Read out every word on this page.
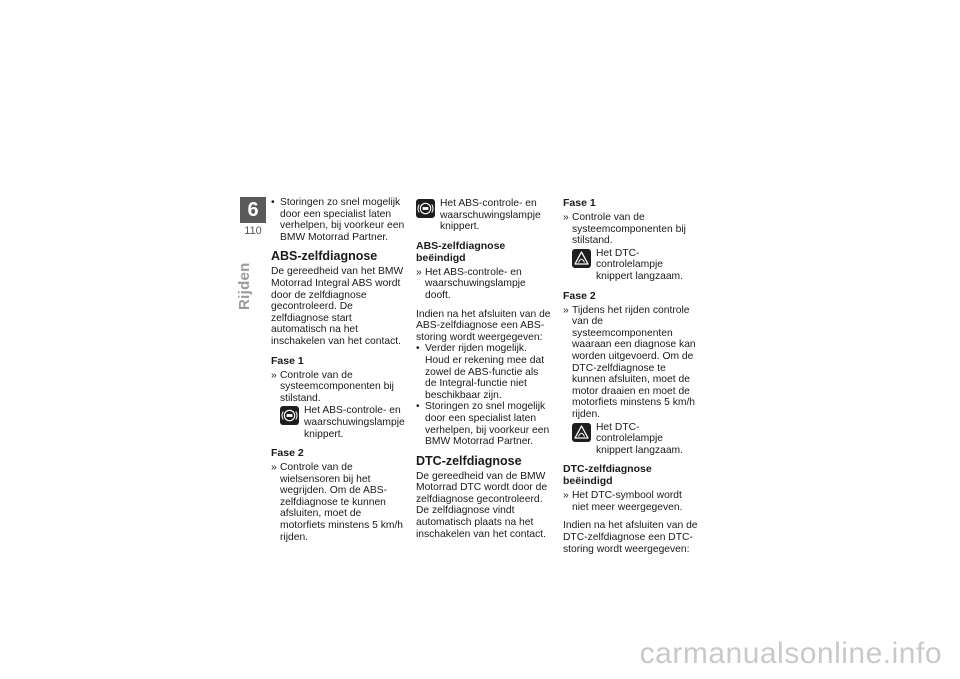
6
110
Rijden
• Storingen zo snel mogelijk door een specialist laten verhelpen, bij voorkeur een BMW Motorrad Partner.
ABS-zelfdiagnose

De gereedheid van het BMW Motorrad Integral ABS wordt door de zelfdiagnose gecontroleerd. De zelfdiagnose start automatisch na het inschakelen van het contact.

Fase 1
» Controle van de systeemcomponenten bij stilstand.
Het ABS-controle- en waarschuwingslampje knippert.
Fase 2
» Controle van de wielsensoren bij het wegrijden. Om de ABS-zelfdiagnose te kunnen afsluiten, moet de motorfiets minstens 5 km/h rijden.
Het ABS-controle- en waarschuwingslampje knippert.
ABS-zelfdiagnose beëindigd
» Het ABS-controle- en waarschuwingslampje dooft.

Indien na het afsluiten van de ABS-zelfdiagnose een ABS-storing wordt weergegeven:

• Verder rijden mogelijk. Houd er rekening mee dat zowel de ABS-functie als de Integral-functie niet beschikbaar zijn.
• Storingen zo snel mogelijk door een specialist laten verhelpen, bij voorkeur een BMW Motorrad Partner.
DTC-zelfdiagnose

De gereedheid van de BMW Motorrad DTC wordt door de zelfdiagnose gecontroleerd. De zelfdiagnose vindt automatisch plaats na het inschakelen van het contact.

Fase 1
» Controle van de systeemcomponenten bij stilstand.
Het DTC-controlelampje knippert langzaam.
Fase 2
» Tijdens het rijden controle van de systeemcomponenten waaraan een diagnose kan worden uitgevoerd. Om de DTC-zelfdiagnose te kunnen afsluiten, moet de motor draaien en moet de motorfiets minstens 5 km/h rijden.
Het DTC-controlelampje knippert langzaam.
DTC-zelfdiagnose beëindigd
» Het DTC-symbool wordt niet meer weergegeven.

Indien na het afsluiten van de DTC-zelfdiagnose een DTC-storing wordt weergegeven:

carmanualsonline.info
